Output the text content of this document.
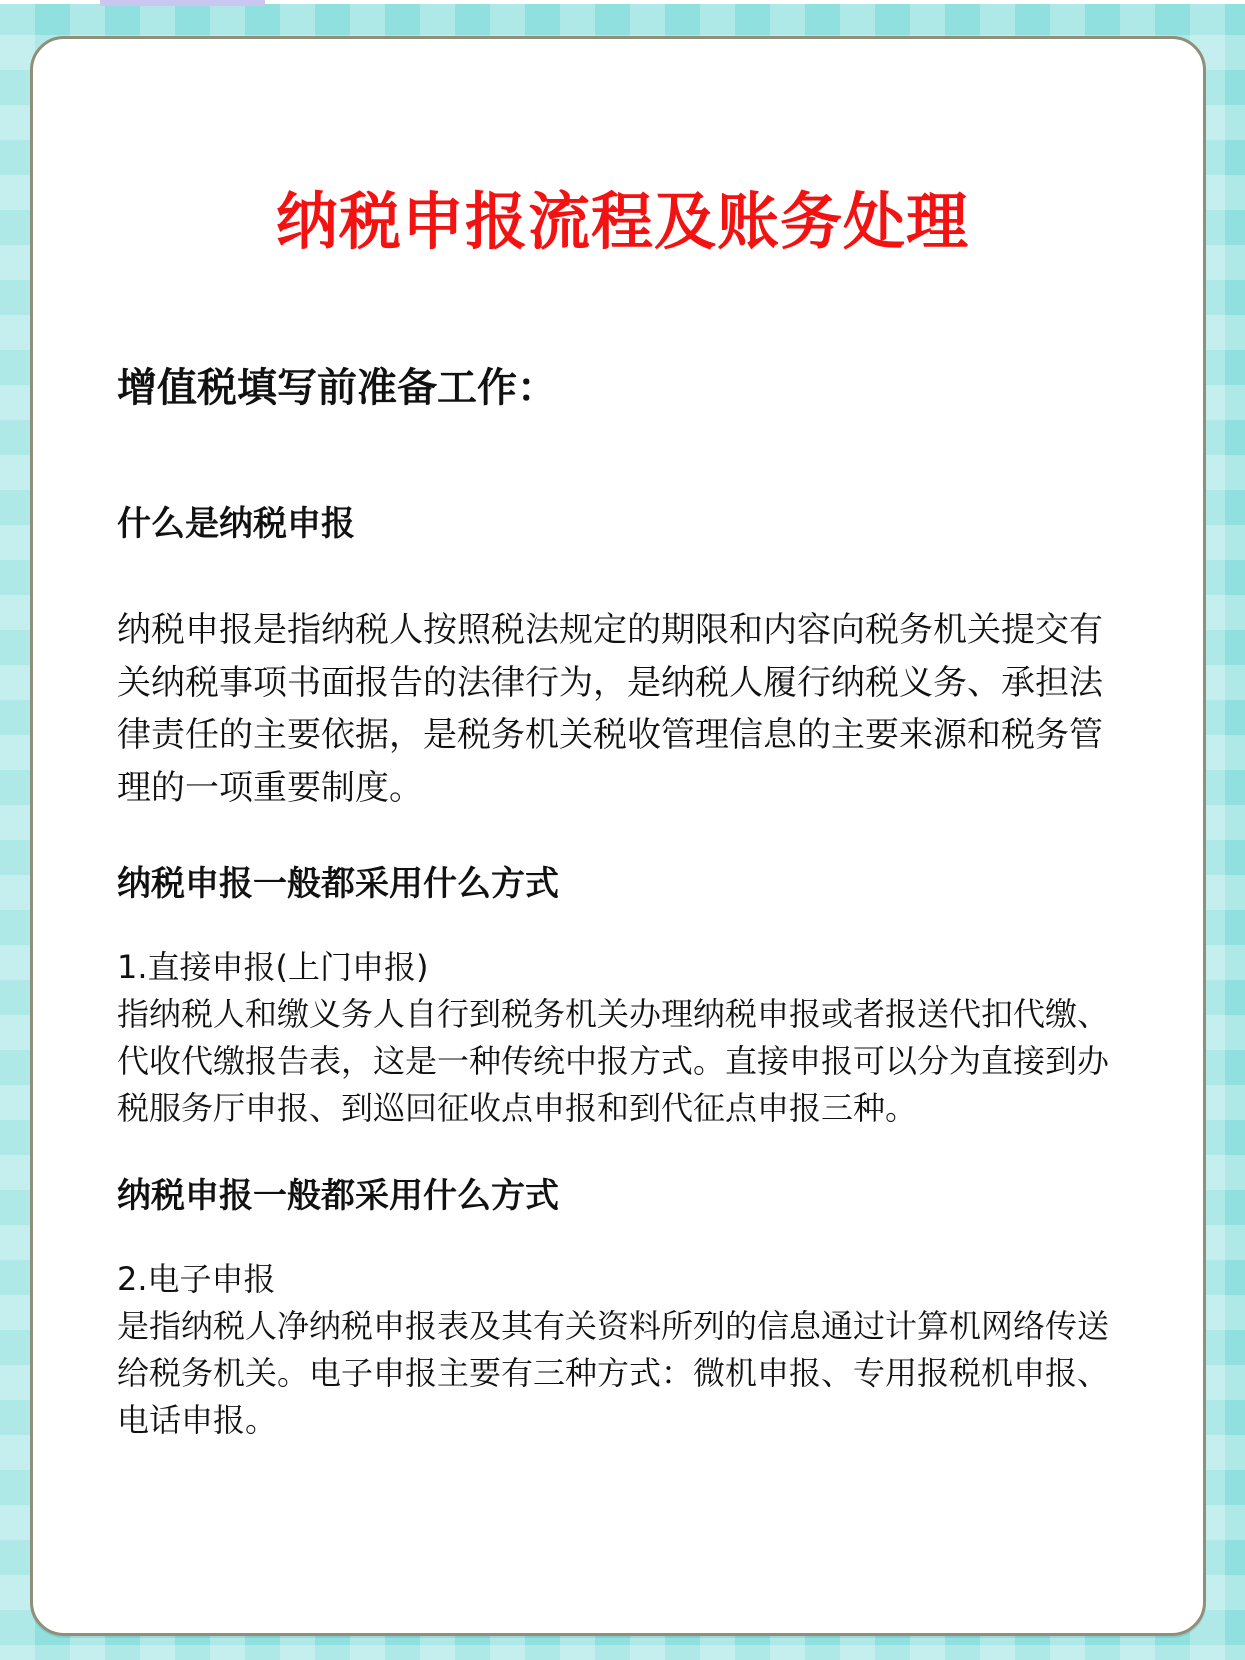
纳税申报流程及账务处理
增值税填写前准备工作：
什么是纳税申报

纳税申报是指纳税人按照税法规定的期限和内容向税务机关提交有关纳税事项书面报告的法律行为，是纳税人履行纳税义务、承担法律责任的主要依据，是税务机关税收管理信息的主要来源和税务管理的一项重要制度。

纳税申报一般都采用什么方式

1.直接申报(上门申报)

指纳税人和缴义务人自行到税务机关办理纳税申报或者报送代扣代缴、代收代缴报告表，这是一种传统中报方式。直接申报可以分为直接到办税服务厅申报、到巡回征收点申报和到代征点申报三种。

纳税申报一般都采用什么方式

2.电子申报

是指纳税人净纳税申报表及其有关资料所列的信息通过计算机网络传送给税务机关。电子申报主要有三种方式：微机申报、专用报税机申报、电话申报。
